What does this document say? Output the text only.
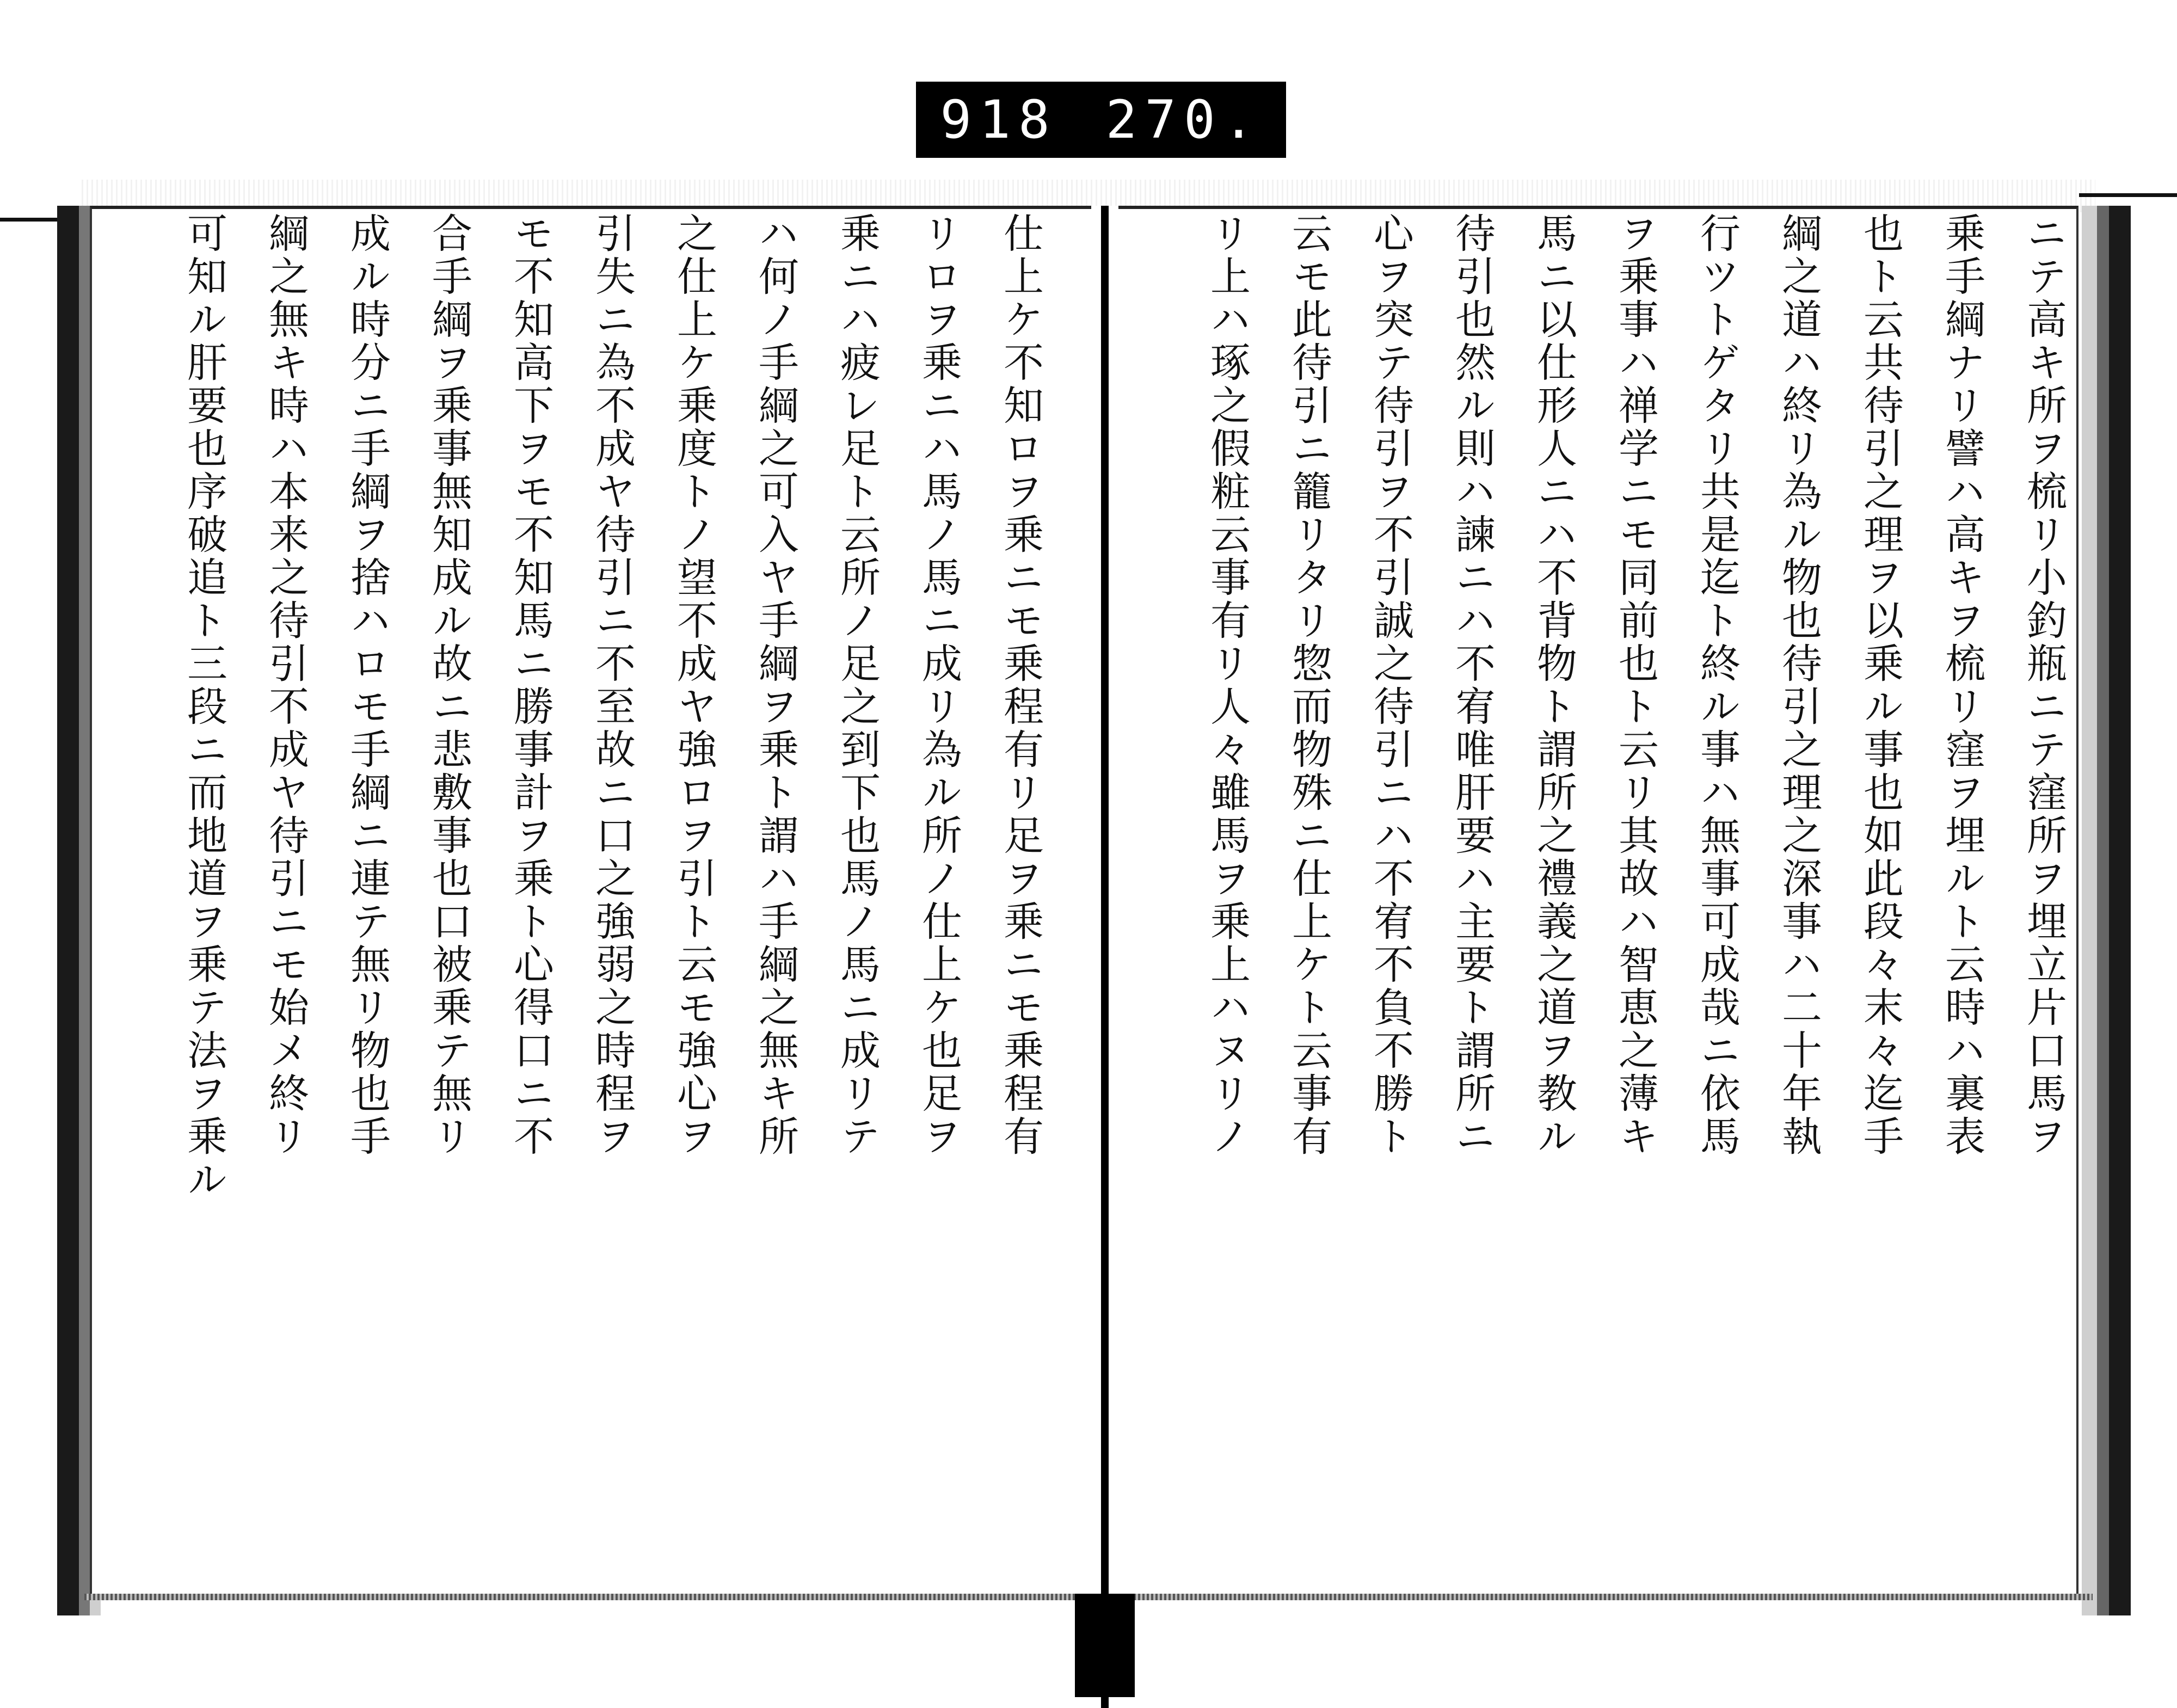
918 270.
ニテ高キ所ヲ梳リ小釣瓶ニテ窪所ヲ埋立片口馬ヲ
乗手綱ナリ譬ハ高キヲ梳リ窪ヲ埋ルト云時ハ裏表
也ト云共待引之理ヲ以乗ル事也如此段々末々迄手
綱之道ハ終リ為ル物也待引之理之深事ハ二十年執
行ツトゲタリ共是迄ト終ル事ハ無事可成哉ニ依馬
ヲ乗事ハ禅学ニモ同前也ト云リ其故ハ智恵之薄キ
馬ニ以仕形人ニハ不背物ト謂所之禮義之道ヲ教ル
待引也然ル則ハ諫ニハ不宥唯肝要ハ主要ト謂所ニ
心ヲ突テ待引ヲ不引誠之待引ニハ不宥不負不勝ト
云モ此待引ニ籠リタリ惣而物殊ニ仕上ケト云事有
リ上ハ琢之假粧云事有リ人々雖馬ヲ乗上ハヌリノ
仕上ケ不知ロヲ乗ニモ乗程有リ足ヲ乗ニモ乗程有
リロヲ乗ニハ馬ノ馬ニ成リ為ル所ノ仕上ケ也足ヲ
乗ニハ疲レ足ト云所ノ足之到下也馬ノ馬ニ成リテ
ハ何ノ手綱之可入ヤ手綱ヲ乗ト謂ハ手綱之無キ所
之仕上ケ乗度トノ望不成ヤ強ロヲ引ト云モ強心ヲ
引失ニ為不成ヤ待引ニ不至故ニ口之強弱之時程ヲ
モ不知高下ヲモ不知馬ニ勝事計ヲ乗ト心得口ニ不
合手綱ヲ乗事無知成ル故ニ悲敷事也口被乗テ無リ
成ル時分ニ手綱ヲ捨ハロモ手綱ニ連テ無リ物也手
綱之無キ時ハ本来之待引不成ヤ待引ニモ始メ終リ
可知ル肝要也序破追ト三段ニ而地道ヲ乗テ法ヲ乗ル
